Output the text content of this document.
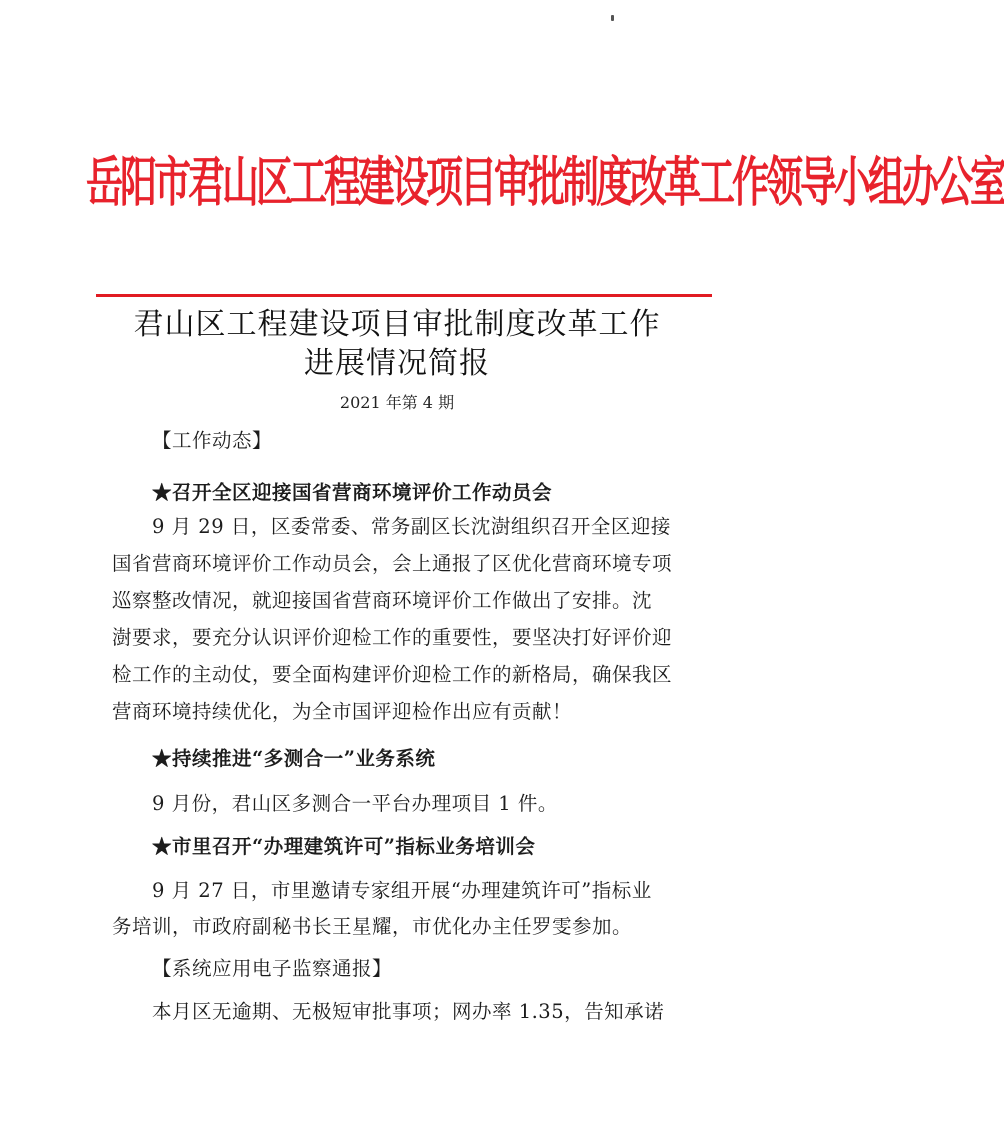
岳阳市君山区工程建设项目审批制度改革工作领导小组办公室
君山区工程建设项目审批制度改革工作
进展情况简报
2021 年第 4 期
【工作动态】
★召开全区迎接国省营商环境评价工作动员会
9 月 29 日，区委常委、常务副区长沈澍组织召开全区迎接
国省营商环境评价工作动员会，会上通报了区优化营商环境专项
巡察整改情况，就迎接国省营商环境评价工作做出了安排。沈
澍要求，要充分认识评价迎检工作的重要性，要坚决打好评价迎
检工作的主动仗，要全面构建评价迎检工作的新格局，确保我区
营商环境持续优化，为全市国评迎检作出应有贡献！
★持续推进“多测合一”业务系统
9 月份，君山区多测合一平台办理项目 1 件。
★市里召开“办理建筑许可”指标业务培训会
9 月 27 日，市里邀请专家组开展“办理建筑许可”指标业
务培训，市政府副秘书长王星耀，市优化办主任罗雯参加。
【系统应用电子监察通报】
本月区无逾期、无极短审批事项；网办率 1.35，告知承诺
